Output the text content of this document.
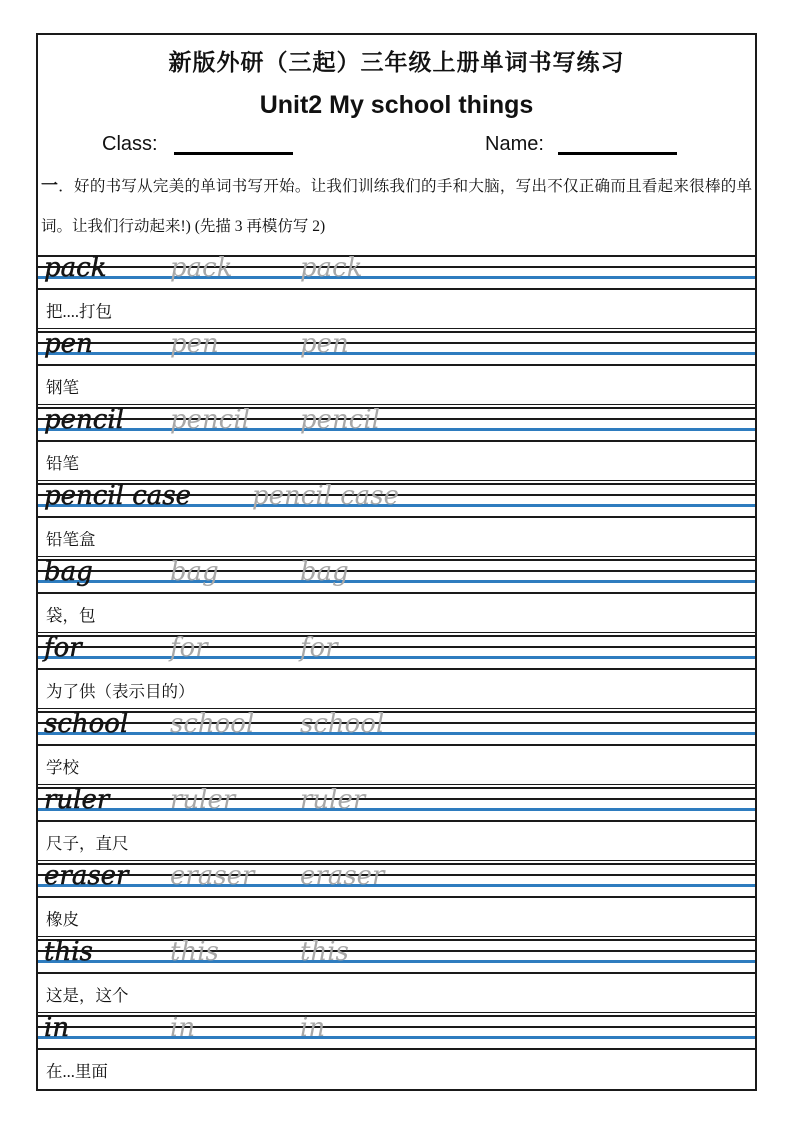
新版外研（三起）三年级上册单词书写练习
Unit2 My school things
Class:	Name:
一．好的书写从完美的单词书写开始。让我们训练我们的手和大脑，写出不仅正确而且看起来很棒的单词。让我们行动起来!) (先描 3 再模仿写 2)
pack pack	pack
把....打包
pen	pen	pen
钢笔
pencil pencil pencil
铅笔
pencil case pencil case
铅笔盒
bag	bag	bag
袋，包
for	for	for
为了供（表示目的）
school school school
学校
ruler ruler ruler
尺子，直尺
eraser eraser eraser
橡皮
this	this	this
这是，这个
in	in	in
在...里面
